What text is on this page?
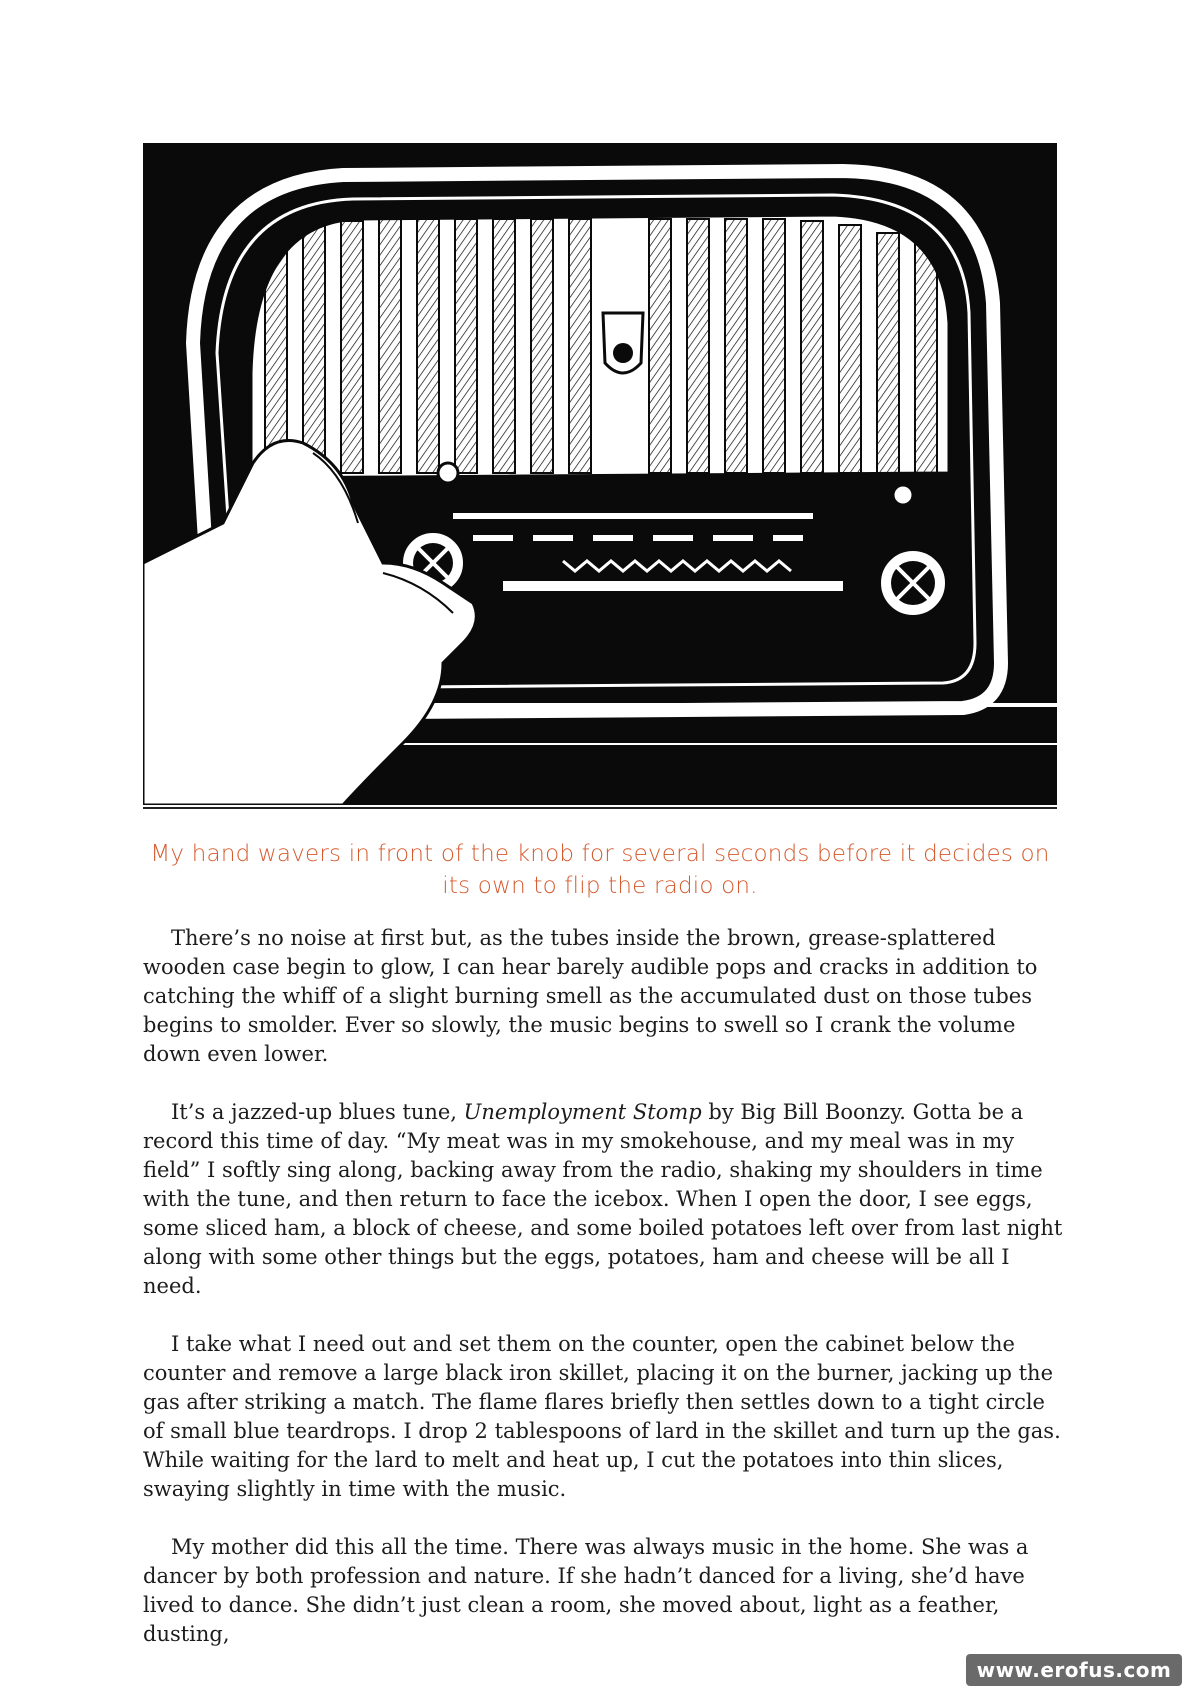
My hand wavers in front of the knob for several seconds before it decides on
its own to flip the radio on.

There’s no noise at first but, as the tubes inside the brown, grease-splattered wooden case begin to glow, I can hear barely audible pops and cracks in addition to catching the whiff of a slight burning smell as the accumulated dust on those tubes begins to smolder. Ever so slowly, the music begins to swell so I crank the volume down even lower.

It’s a jazzed-up blues tune, Unemployment Stomp by Big Bill Boonzy. Gotta be a record this time of day. “My meat was in my smokehouse, and my meal was in my field” I softly sing along, backing away from the radio, shaking my shoulders in time with the tune, and then return to face the icebox. When I open the door, I see eggs, some sliced ham, a block of cheese, and some boiled potatoes left over from last night along with some other things but the eggs, potatoes, ham and cheese will be all I need.

I take what I need out and set them on the counter, open the cabinet below the counter and remove a large black iron skillet, placing it on the burner, jacking up the gas after striking a match. The flame flares briefly then settles down to a tight circle of small blue teardrops. I drop 2 tablespoons of lard in the skillet and turn up the gas. While waiting for the lard to melt and heat up, I cut the potatoes into thin slices, swaying slightly in time with the music.

My mother did this all the time. There was always music in the home. She was a dancer by both profession and nature. If she hadn’t danced for a living, she’d have lived to dance. She didn’t just clean a room, she moved about, light as a feather, dusting,

www.erofus.com
